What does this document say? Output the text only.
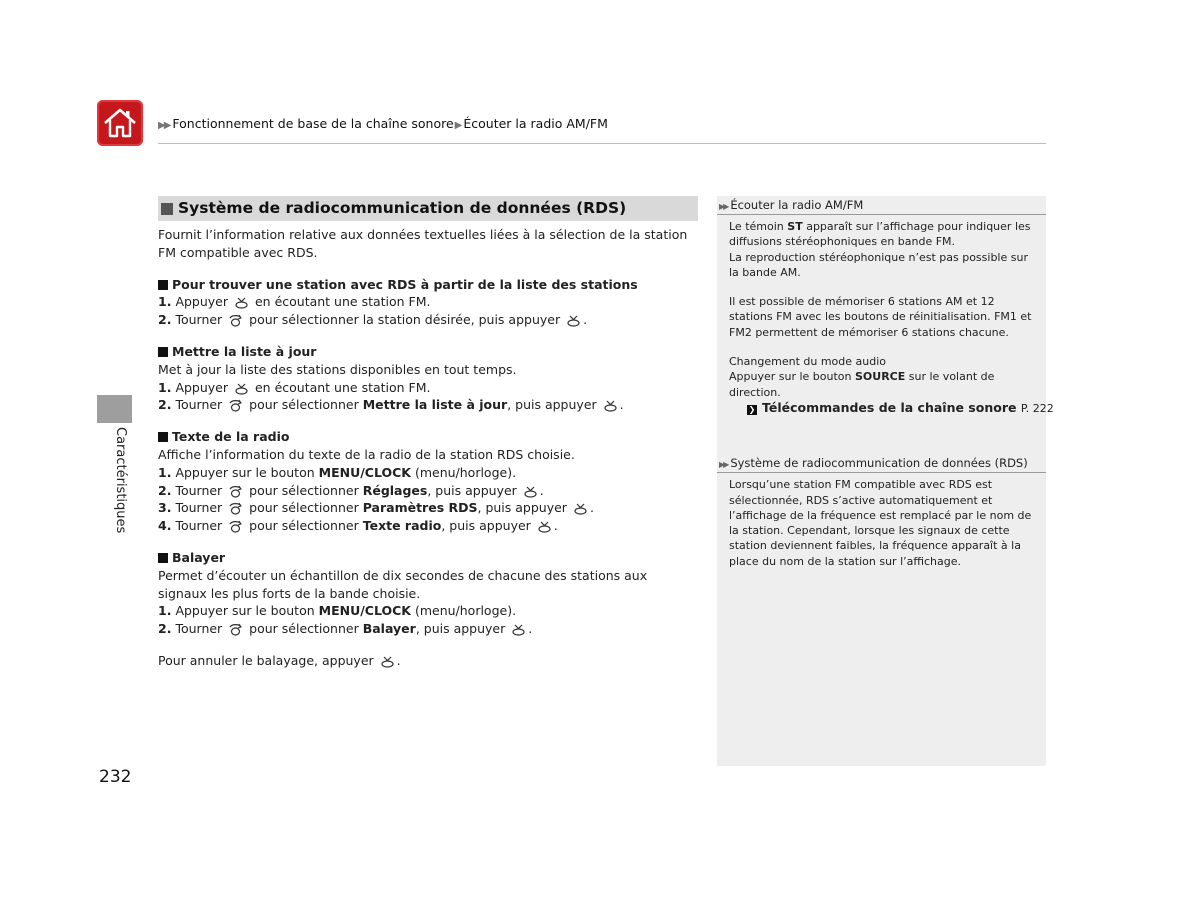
▶▶ Fonctionnement de base de la chaîne sonore▶Écouter la radio AM/FM
Caractéristiques
232
Système de radiocommunication de données (RDS)
Fournit l’information relative aux données textuelles liées à la sélection de la station FM compatible avec RDS.
Pour trouver une station avec RDS à partir de la liste des stations
1. Appuyer en écoutant une station FM.
2. Tourner pour sélectionner la station désirée, puis appuyer .
Mettre la liste à jour
Met à jour la liste des stations disponibles en tout temps.
1. Appuyer en écoutant une station FM.
2. Tourner pour sélectionner Mettre la liste à jour, puis appuyer .
Texte de la radio
Affiche l’information du texte de la radio de la station RDS choisie.
1. Appuyer sur le bouton MENU/CLOCK (menu/horloge).
2. Tourner pour sélectionner Réglages, puis appuyer .
3. Tourner pour sélectionner Paramètres RDS, puis appuyer .
4. Tourner pour sélectionner Texte radio, puis appuyer .
Balayer
Permet d’écouter un échantillon de dix secondes de chacune des stations aux signaux les plus forts de la bande choisie.
1. Appuyer sur le bouton MENU/CLOCK (menu/horloge).
2. Tourner pour sélectionner Balayer, puis appuyer .
Pour annuler le balayage, appuyer .
▶▶ Écouter la radio AM/FM
Le témoin ST apparaît sur l’affichage pour indiquer les diffusions stéréophoniques en bande FM.
La reproduction stéréophonique n’est pas possible sur la bande AM.
Il est possible de mémoriser 6 stations AM et 12 stations FM avec les boutons de réinitialisation. FM1 et FM2 permettent de mémoriser 6 stations chacune.
Changement du mode audio
Appuyer sur le bouton SOURCE sur le volant de direction.
❯ Télécommandes de la chaîne sonore P. 222
▶▶ Système de radiocommunication de données (RDS)
Lorsqu’une station FM compatible avec RDS est sélectionnée, RDS s’active automatiquement et l’affichage de la fréquence est remplacé par le nom de la station. Cependant, lorsque les signaux de cette station deviennent faibles, la fréquence apparaît à la place du nom de la station sur l’affichage.
